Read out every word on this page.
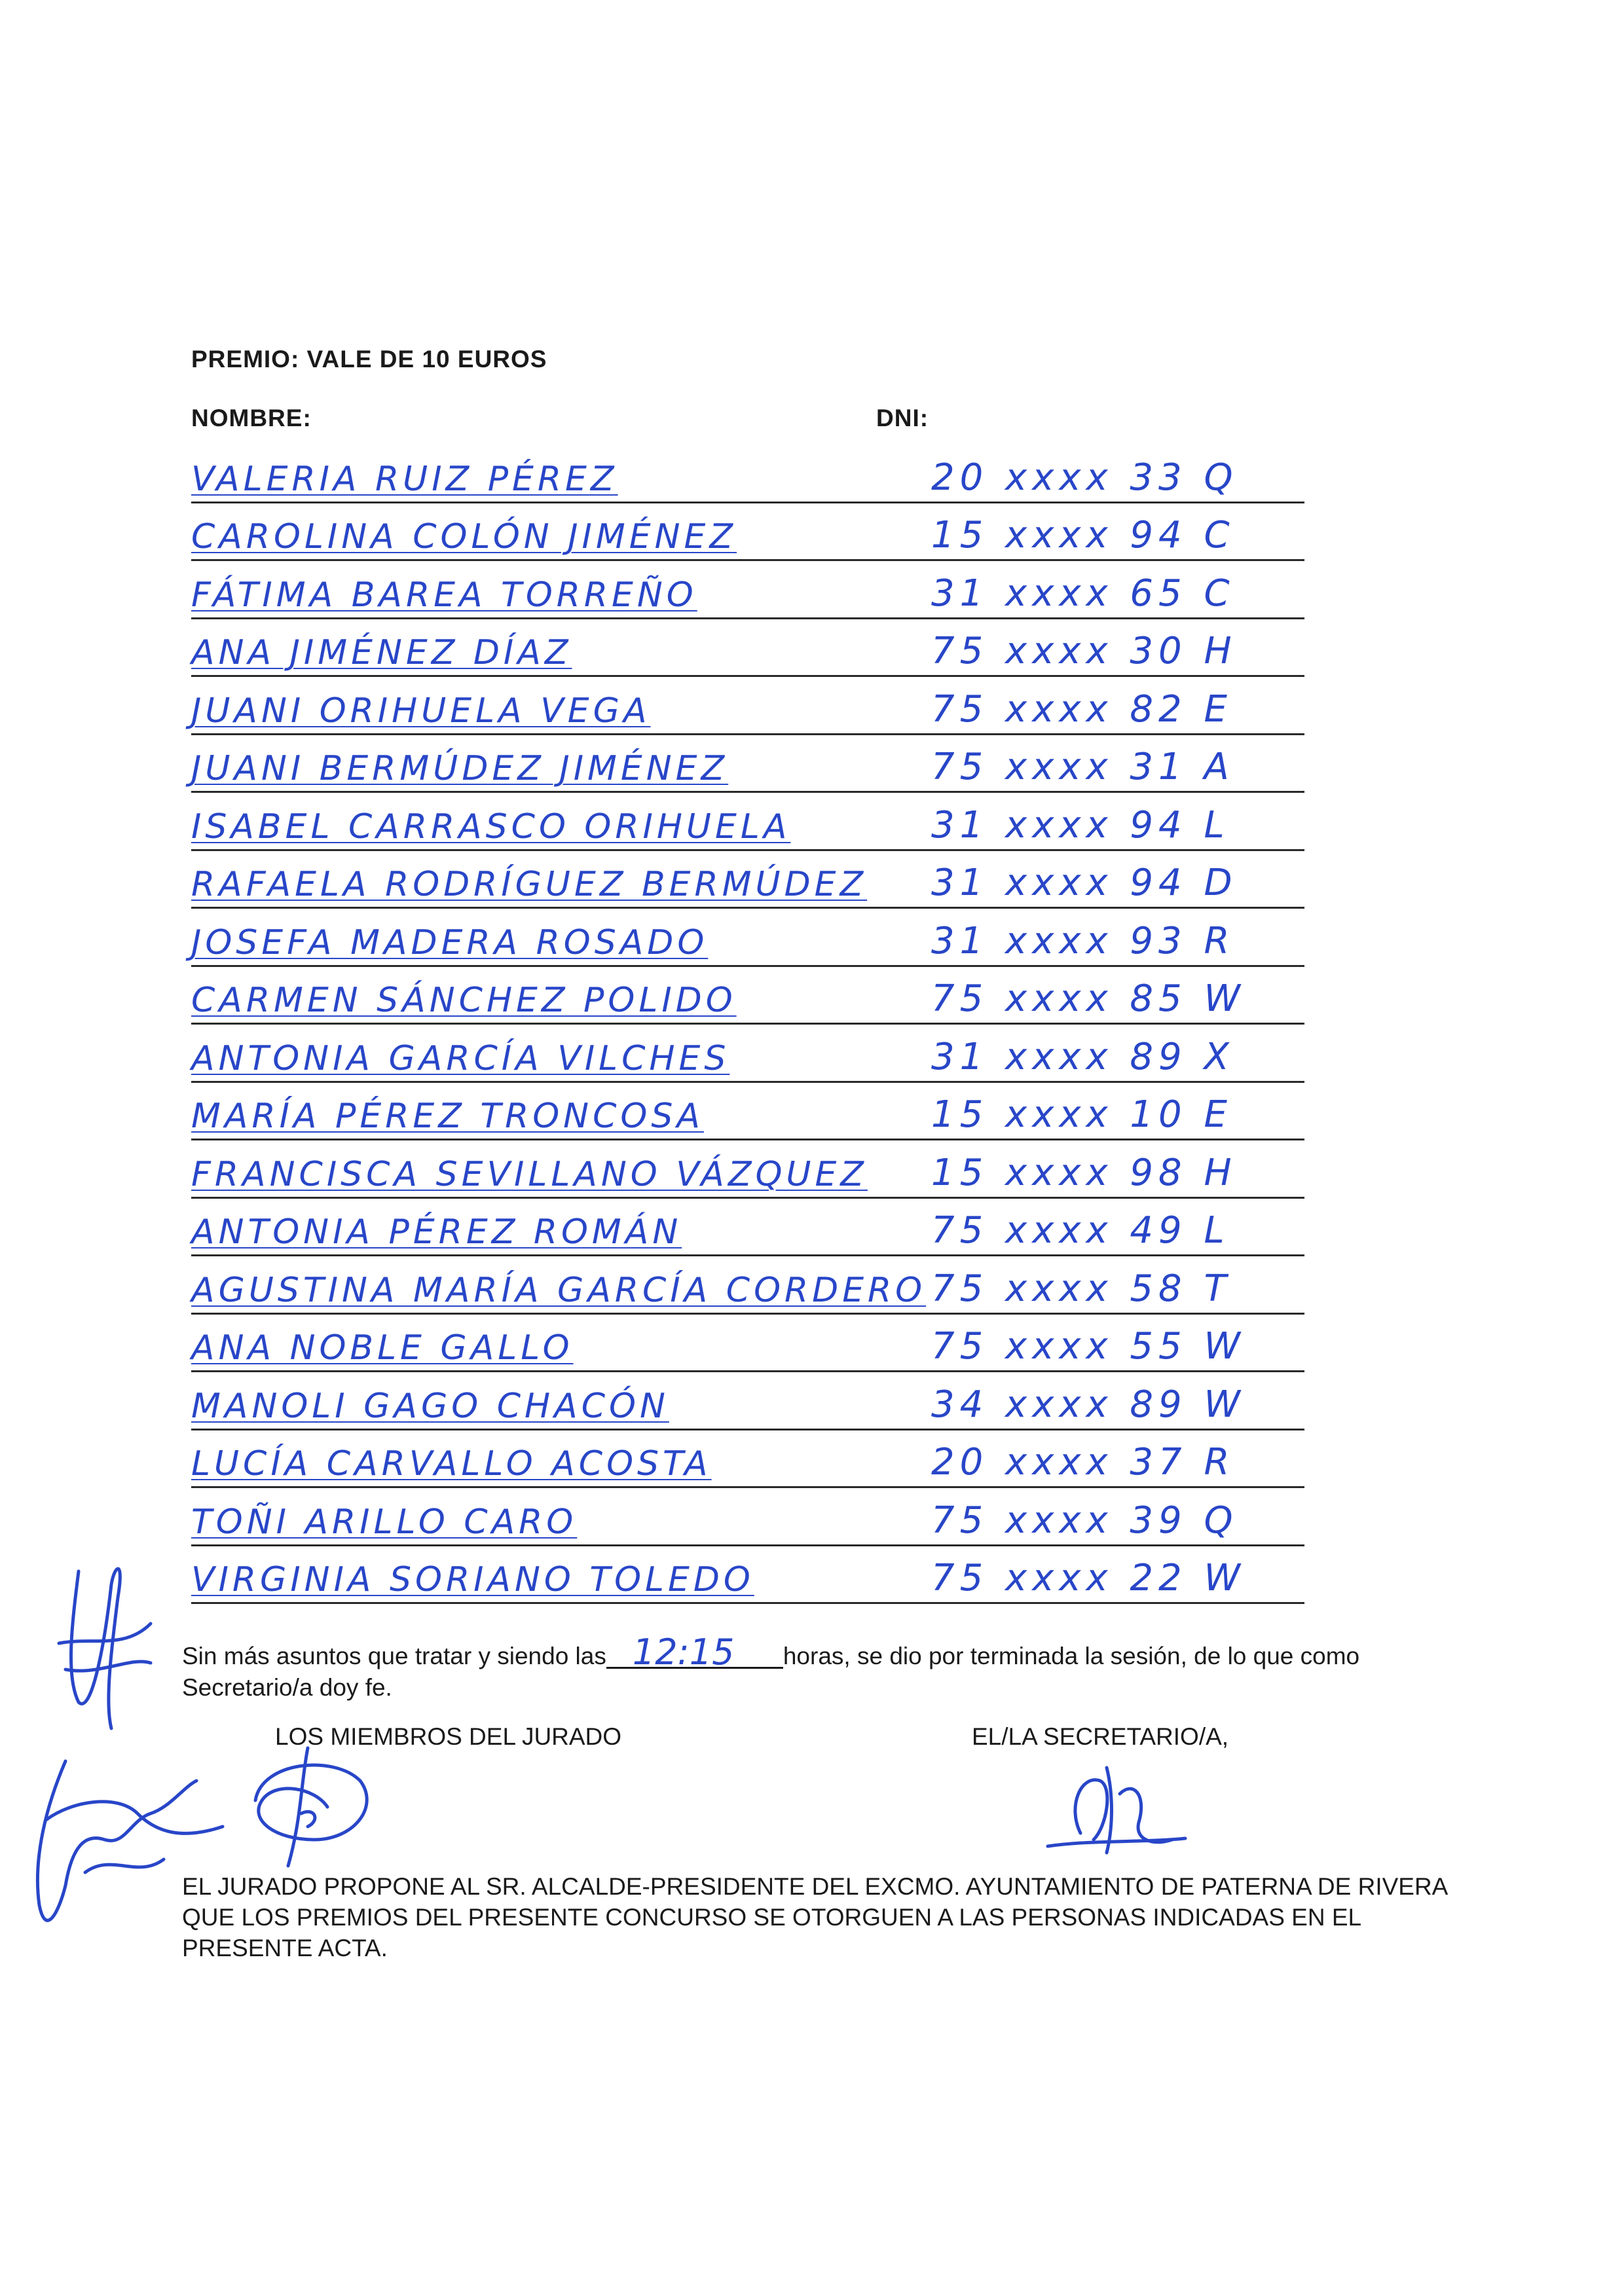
PREMIO: VALE DE 10 EUROS
NOMBRE:	DNI:
VALERIA RUIZ PÉREZ	20 xxxx 33 Q
CAROLINA COLÓN JIMÉNEZ	15 xxxx 94 C
FÁTIMA BAREA TORREÑO	31 xxxx 65 C
ANA JIMÉNEZ DÍAZ	75 xxxx 30 H
JUANI ORIHUELA VEGA	75 xxxx 82 E
JUANI BERMÚDEZ JIMÉNEZ	75 xxxx 31 A
ISABEL CARRASCO ORIHUELA	31 xxxx 94 L
RAFAELA RODRÍGUEZ BERMÚDEZ 31 xxxx 94 D
JOSEFA MADERA ROSADO	31 xxxx 93 R
CARMEN SÁNCHEZ POLIDO	75 xxxx 85 W
ANTONIA GARCÍA VILCHES	31 xxxx 89 X
MARÍA PÉREZ TRONCOSA	15 xxxx 10 E
FRANCISCA SEVILLANO VÁZQUEZ 15 xxxx 98 H
ANTONIA PÉREZ ROMÁN	75 xxxx 49 L
AGUSTINA MARÍA GARCÍA CORDERO 75 xxxx 58 T
ANA NOBLE GALLO	75 xxxx 55 W
MANOLI GAGO CHACÓN	34 xxxx 89 W
LUCÍA CARVALLO ACOSTA	20 xxxx 37 R
TOÑI ARILLO CARO	75 xxxx 39 Q
VIRGINIA SORIANO TOLEDO	75 xxxx 22 W
Sin más asuntos que tratar y siendo las 12:15 horas, se dio por terminada la sesión, de lo que como Secretario/a doy fe.
LOS MIEMBROS DEL JURADO	EL/LA SECRETARIO/A,
EL JURADO PROPONE AL SR. ALCALDE-PRESIDENTE DEL EXCMO. AYUNTAMIENTO DE PATERNA DE RIVERA QUE LOS PREMIOS DEL PRESENTE CONCURSO SE OTORGUEN A LAS PERSONAS INDICADAS EN EL PRESENTE ACTA.
